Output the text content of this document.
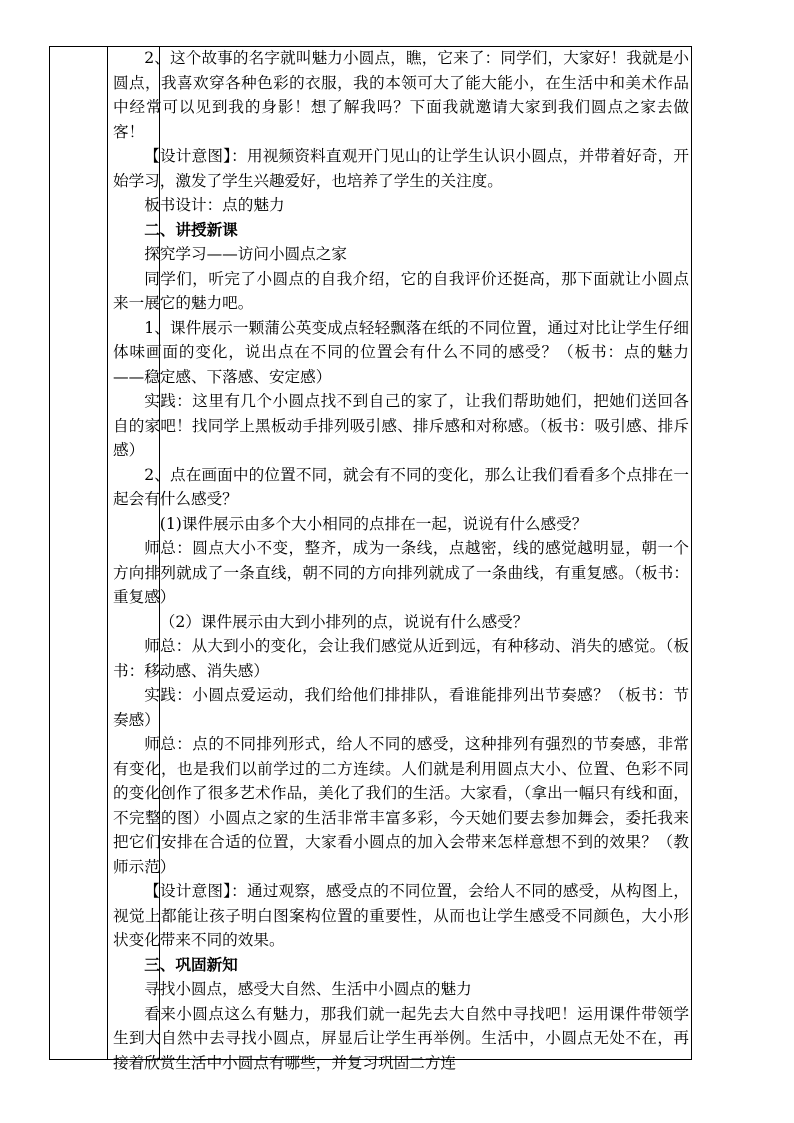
2、这个故事的名字就叫魅力小圆点，瞧，它来了：同学们，大家好！我就是小圆点，我喜欢穿各种色彩的衣服，我的本领可大了能大能小，在生活中和美术作品中经常可以见到我的身影！想了解我吗？下面我就邀请大家到我们圆点之家去做客！

【设计意图】：用视频资料直观开门见山的让学生认识小圆点，并带着好奇，开始学习，激发了学生兴趣爱好，也培养了学生的关注度。

板书设计：点的魅力

二、讲授新课

探究学习——访问小圆点之家

同学们，听完了小圆点的自我介绍，它的自我评价还挺高，那下面就让小圆点来一展它的魅力吧。

1、课件展示一颗蒲公英变成点轻轻飘落在纸的不同位置，通过对比让学生仔细体味画面的变化，说出点在不同的位置会有什么不同的感受？（板书：点的魅力——稳定感、下落感、安定感）

实践：这里有几个小圆点找不到自己的家了，让我们帮助她们，把她们送回各自的家吧！找同学上黑板动手排列吸引感、排斥感和对称感。（板书：吸引感、排斥感）

2、点在画面中的位置不同，就会有不同的变化，那么让我们看看多个点排在一起会有什么感受？

(1)课件展示由多个大小相同的点排在一起，说说有什么感受？

师总：圆点大小不变，整齐，成为一条线，点越密，线的感觉越明显，朝一个方向排列就成了一条直线，朝不同的方向排列就成了一条曲线，有重复感。（板书：重复感）

（2）课件展示由大到小排列的点，说说有什么感受？

师总：从大到小的变化，会让我们感觉从近到远，有种移动、消失的感觉。（板书：移动感、消失感）

实践：小圆点爱运动，我们给他们排排队，看谁能排列出节奏感？（板书：节奏感）

师总：点的不同排列形式，给人不同的感受，这种排列有强烈的节奏感，非常有变化，也是我们以前学过的二方连续。人们就是利用圆点大小、位置、色彩不同的变化创作了很多艺术作品，美化了我们的生活。大家看，（拿出一幅只有线和面，不完整的图）小圆点之家的生活非常丰富多彩，今天她们要去参加舞会，委托我来把它们安排在合适的位置，大家看小圆点的加入会带来怎样意想不到的效果？（教师示范）

【设计意图】：通过观察，感受点的不同位置，会给人不同的感受，从构图上，视觉上都能让孩子明白图案构位置的重要性，从而也让学生感受不同颜色，大小形状变化带来不同的效果。

三、巩固新知

寻找小圆点，感受大自然、生活中小圆点的魅力

看来小圆点这么有魅力，那我们就一起先去大自然中寻找吧！运用课件带领学生到大自然中去寻找小圆点，屏显后让学生再举例。生活中，小圆点无处不在，再接着欣赏生活中小圆点有哪些，并复习巩固二方连
